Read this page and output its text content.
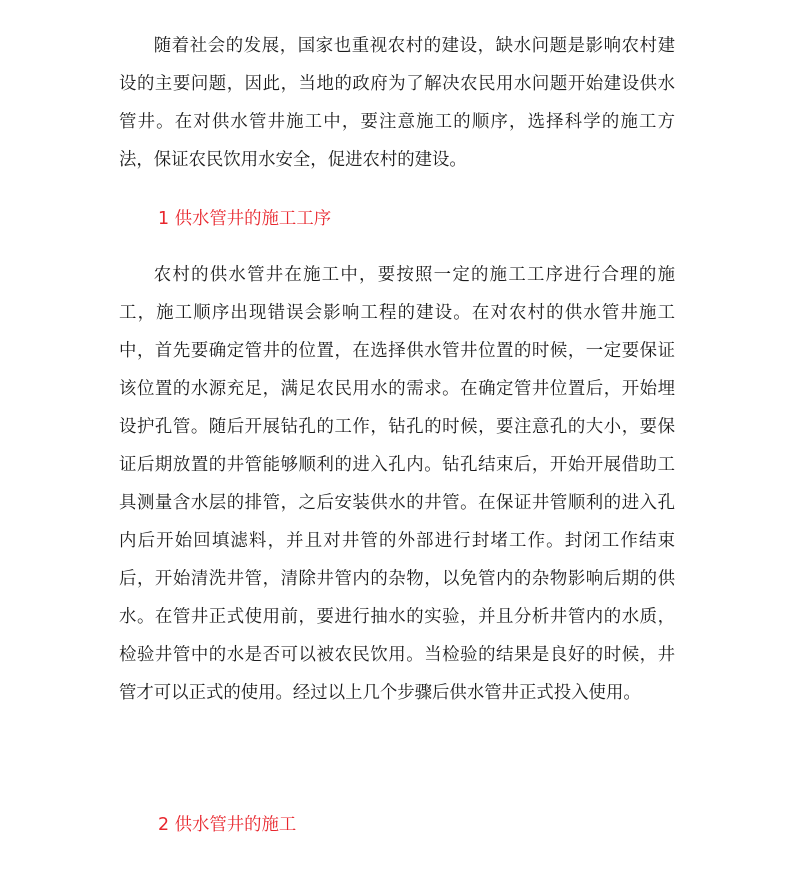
随着社会的发展，国家也重视农村的建设，缺水问题是影响农村建设的主要问题，因此，当地的政府为了解决农民用水问题开始建设供水管井。在对供水管井施工中，要注意施工的顺序，选择科学的施工方法，保证农民饮用水安全，促进农村的建设。

1 供水管井的施工工序

农村的供水管井在施工中，要按照一定的施工工序进行合理的施工，施工顺序出现错误会影响工程的建设。在对农村的供水管井施工中，首先要确定管井的位置，在选择供水管井位置的时候，一定要保证该位置的水源充足，满足农民用水的需求。在确定管井位置后，开始埋设护孔管。随后开展钻孔的工作，钻孔的时候，要注意孔的大小，要保证后期放置的井管能够顺利的进入孔内。钻孔结束后，开始开展借助工具测量含水层的排管，之后安装供水的井管。在保证井管顺利的进入孔内后开始回填滤料，并且对井管的外部进行封堵工作。封闭工作结束后，开始清洗井管，清除井管内的杂物，以免管内的杂物影响后期的供水。在管井正式使用前，要进行抽水的实验，并且分析井管内的水质，检验井管中的水是否可以被农民饮用。当检验的结果是良好的时候，井管才可以正式的使用。经过以上几个步骤后供水管井正式投入使用。

2 供水管井的施工
